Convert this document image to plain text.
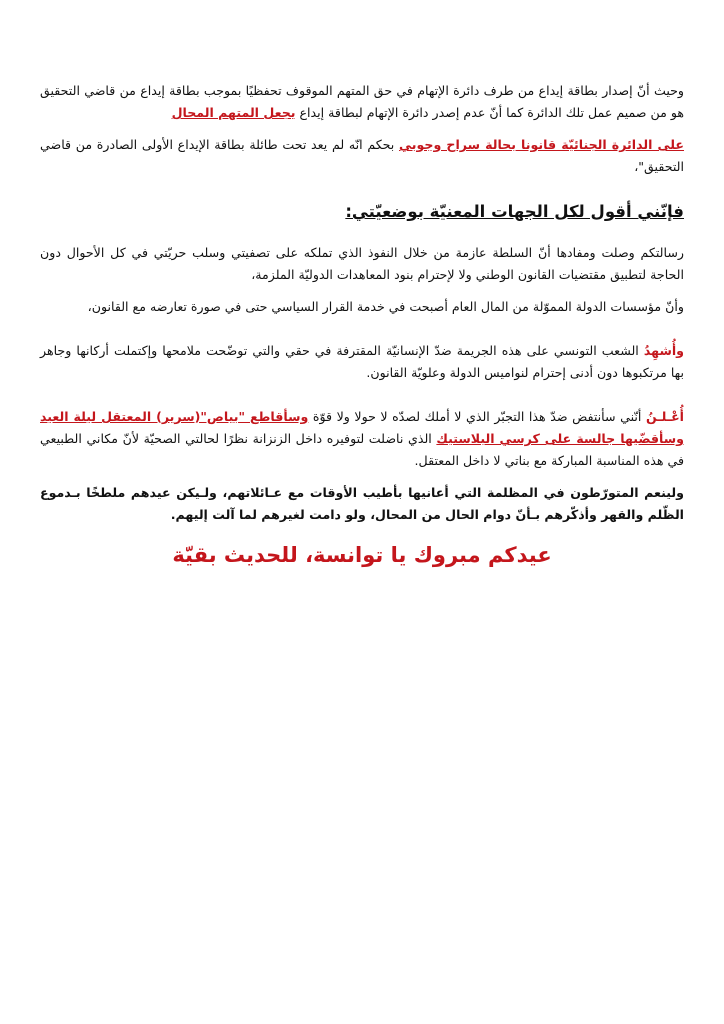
وحيث أنّ إصدار بطاقة إيداع من طرف دائرة الإتهام في حق المتهم الموقوف تحفظيًا بموجب بطاقة إيداع من قاضي التحقيق هو من صميم عمل تلك الدائرة كما أنّ عدم إصدر دائرة الإتهام لبطاقة إيداع يجعل المتهم المحال

على الدائرة الجنائيّة قانونا بحالة سراح وجوبي بحكم انّه لم يعد تحت طائلة بطاقة الإيداع الأولى الصادرة من قاضي التحقيق"،

فإنّني أقول لكل الجهات المعنيّة بوضعيّتي:

رسالتكم وصلت ومفادها أنّ السلطة عازمة من خلال النفوذ الذي تملكه على تصفيتي وسلب حريّتي في كل الأحوال دون الحاجة لتطبيق مقتضيات القانون الوطني ولا لإحترام بنود المعاهدات الدوليّة الملزمة،

وأنّ مؤسسات الدولة المموّلة من المال العام أصبحت في خدمة القرار السياسي حتى في صورة تعارضه مع القانون،

وأُشهِدُ الشعب التونسي على هذه الجريمة ضدّ الإنسانيّة المقترفة في حقي والتي توضّحت ملامحها وإكتملت أركانها وجاهر بها مرتكبوها دون أدنى إحترام لنواميس الدولة وعلويّة القانون.

أُعْـلـنُ أنّني سأنتفض ضدّ هذا التجبّر الذي لا أملك لصدّه لا حولا ولا قوّة وسأقاطع "بياص"(سرير) المعتقل ليلة العيد وسأقضّيها جالسة على كرسي البلاستيك الذي ناضلت لتوفيره داخل الزنزانة نظرًا لحالتي الصحيّة لأنّ مكاني الطبيعي في هذه المناسبة المباركة مع بناتي لا داخل المعتقل.

ولينعم المتورّطون في المظلمة التي أعانيها بأطيب الأوقات مع عـائلاتهم، ولـيكن عيدهم ملطخًا بـدموع الظّلم والقهر وأذكّرهم بـأنّ دوام الحال من المحال، ولو دامت لغيرهم لما آلت إليهم.

عيدكم مبروك يا توانسة، للحديث بقيّة
